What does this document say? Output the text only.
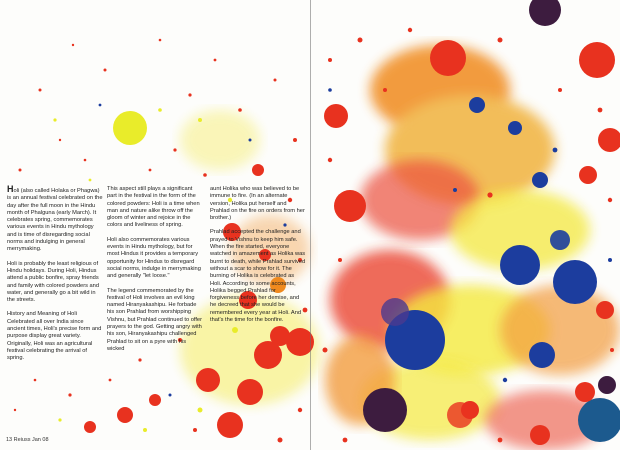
Holi (also called Holaka or Phagwa) is an annual festival celebrated on the day after the full moon in the Hindu month of Phalguna (early March). It celebrates spring, commemorates various events in Hindu mythology and is time of disregarding social norms and indulging in general merrymaking.

Holi is probably the least religious of Hindu holidays. During Holi, Hindus attend a public bonfire, spray friends and family with colored powders and water, and generally go a bit wild in the streets.

History and Meaning of Holi Celebrated all over India since ancient times, Holi's precise form and purpose display great variety. Originally, Holi was an agricultural festival celebrating the arrival of spring.

This aspect still plays a significant part in the festival in the form of the colored powders: Holi is a time when man and nature alike throw off the gloom of winter and rejoice in the colors and liveliness of spring.

Holi also commemorates various events in Hindu mythology, but for most Hindus it provides a temporary opportunity for Hindus to disregard social norms, indulge in merrymaking and generally "let loose."

The legend commemorated by the festival of Holi involves an evil king named Hiranyakashipu. He forbade his son Prahlad from worshipping Vishnu, but Prahlad continued to offer prayers to the god. Getting angry with his son, Hiranyakashipu challenged Prahlad to sit on a pyre with his wicked

aunt Holika who was believed to be immune to fire. (In an alternate version, Holika put herself and Prahlad on the fire on orders from her brother.)

Prahlad accepted the challenge and prayed to Vishnu to keep him safe. When the fire started, everyone watched in amazement as Holika was burnt to death, while Prahlad survived without a scar to show for it. The burning of Holika is celebrated as Holi. According to some accounts, Holika begged Prahlad for forgiveness before her demise, and he decreed that she would be remembered every year at Holi. And that's the time for the bonfire.

13 Reiuss Jan 08
